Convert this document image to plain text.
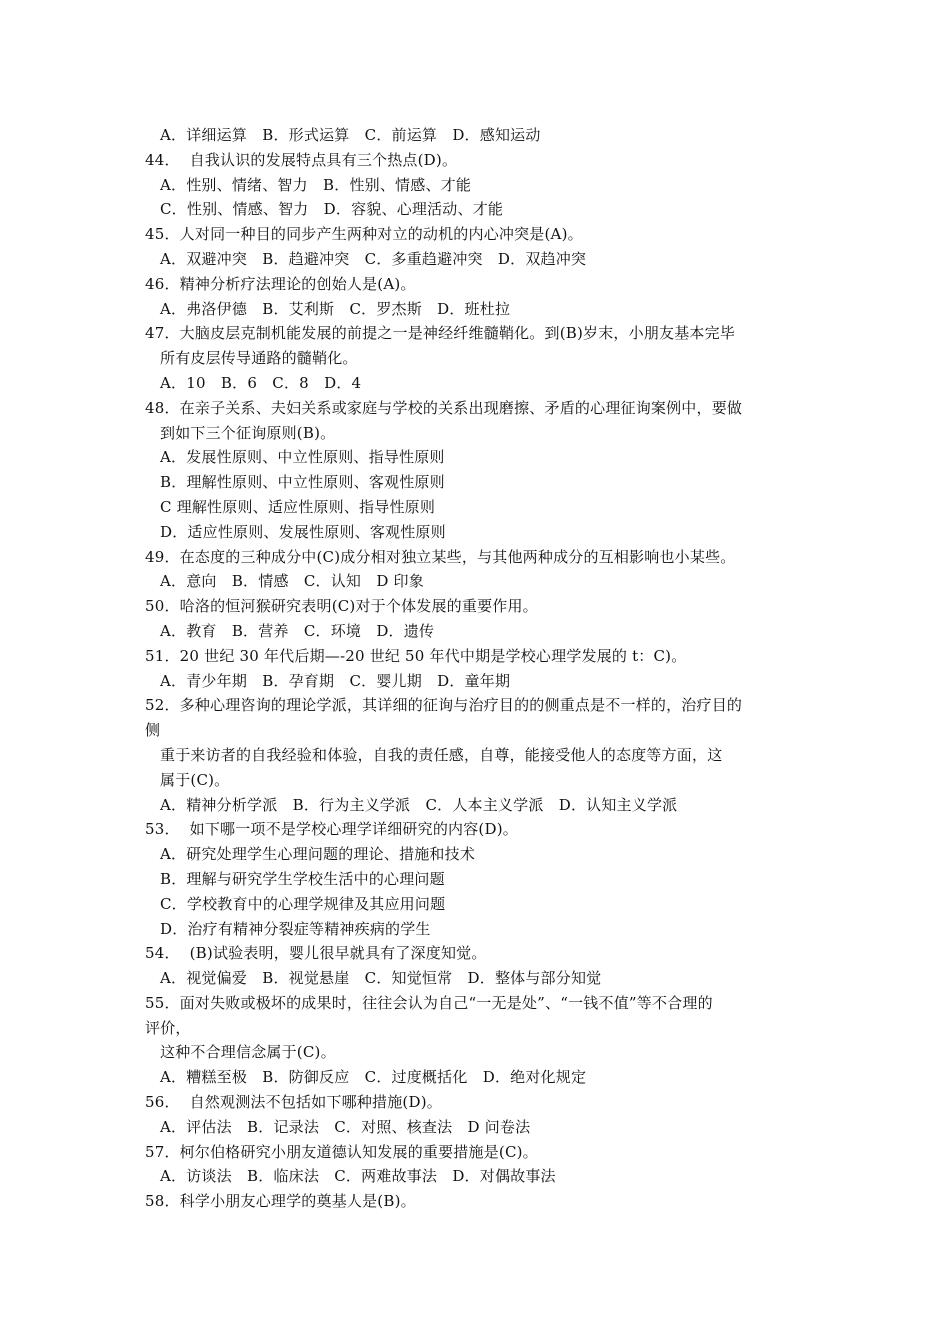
A．详细运算　B．形式运算　C．前运算　D．感知运动
44．  自我认识的发展特点具有三个热点(D)。
A．性别、情绪、智力　B．性别、情感、才能
C．性别、情感、智力　D．容貌、心理活动、才能
45．人对同一种目的同步产生两种对立的动机的内心冲突是(A)。
A．双避冲突　B．趋避冲突　C．多重趋避冲突　D．双趋冲突
46．精神分析疗法理论的创始人是(A)。
A．弗洛伊德　B．艾利斯　C．罗杰斯　D．班杜拉
47．大脑皮层克制机能发展的前提之一是神经纤维髓鞘化。到(B)岁末，小朋友基本完毕
所有皮层传导通路的髓鞘化。
A．10　B．6　C．8　D．4
48．在亲子关系、夫妇关系或家庭与学校的关系出现磨擦、矛盾的心理征询案例中，要做
到如下三个征询原则(B)。
A．发展性原则、中立性原则、指导性原则
B．理解性原则、中立性原则、客观性原则
C 理解性原则、适应性原则、指导性原则
D．适应性原则、发展性原则、客观性原则
49．在态度的三种成分中(C)成分相对独立某些，与其他两种成分的互相影响也小某些。
A．意向　B．情感　C．认知　D 印象
50．哈洛的恒河猴研究表明(C)对于个体发展的重要作用。
A．教育　B．营养　C．环境　D．遗传
51．20 世纪 30 年代后期—-20 世纪 50 年代中期是学校心理学发展的 t：C)。
A．青少年期　B．孕育期　C．婴儿期　D．童年期
52．多种心理咨询的理论学派，其详细的征询与治疗目的的侧重点是不一样的，治疗目的
侧
重于来访者的自我经验和体验，自我的责任感，自尊，能接受他人的态度等方面，这
属于(C)。
A．精神分析学派　B．行为主义学派　C．人本主义学派　D．认知主义学派
53．  如下哪一项不是学校心理学详细研究的内容(D)。
A．研究处理学生心理问题的理论、措施和技术
B．理解与研究学生学校生活中的心理问题
C．学校教育中的心理学规律及其应用问题
D．治疗有精神分裂症等精神疾病的学生
54．  (B)试验表明，婴儿很早就具有了深度知觉。
A．视觉偏爱　B．视觉悬崖　C．知觉恒常　D．整体与部分知觉
55．面对失败或极坏的成果时，往往会认为自己“一无是处”、“一钱不值”等不合理的
评价，
这种不合理信念属于(C)。
A．糟糕至极　B．防御反应　C．过度概括化　D．绝对化规定
56．  自然观测法不包括如下哪种措施(D)。
A．评估法　B．记录法　C．对照、核查法　D 问卷法
57．柯尔伯格研究小朋友道德认知发展的重要措施是(C)。
A．访谈法　B．临床法　C．两难故事法　D．对偶故事法
58．科学小朋友心理学的奠基人是(B)。
